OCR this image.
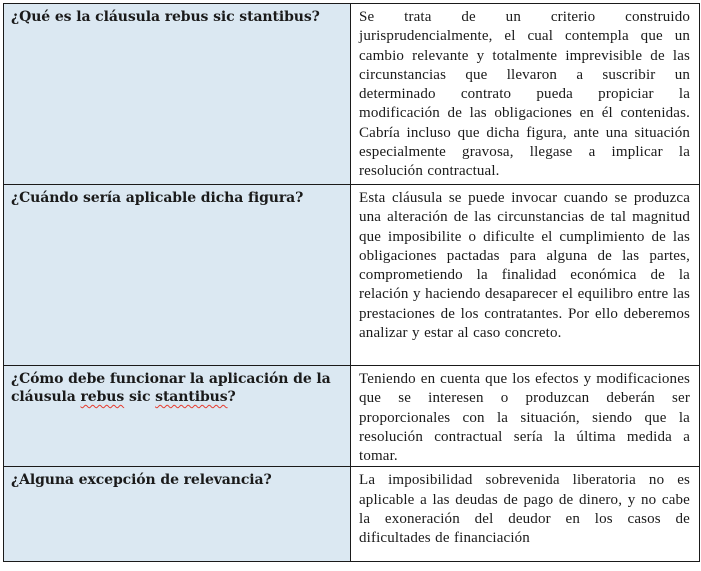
¿Qué es la cláusula rebus sic stantibus?	Se trata de un criterio construido jurisprudencialmente, el cual contempla que un cambio relevante y totalmente imprevisible de las circunstancias que llevaron a suscribir un determinado contrato pueda propiciar la modificación de las obligaciones en él contenidas. Cabría incluso que dicha figura, ante una situación especialmente gravosa, llegase a implicar la resolución contractual.

¿Cuándo sería aplicable dicha figura?	Esta cláusula se puede invocar cuando se produzca una alteración de las circunstancias de tal magnitud que imposibilite o dificulte el cumplimiento de las obligaciones pactadas para alguna de las partes, comprometiendo la finalidad económica de la relación y haciendo desaparecer el equilibro entre las prestaciones de los contratantes. Por ello deberemos analizar y estar al caso concreto.

¿Cómo debe funcionar la aplicación de la cláusula rebus sic stantibus?	Teniendo en cuenta que los efectos y modificaciones que se interesen o produzcan deberán ser proporcionales con la situación, siendo que la resolución contractual sería la última medida a tomar.

¿Alguna excepción de relevancia?	La imposibilidad sobrevenida liberatoria no es aplicable a las deudas de pago de dinero, y no cabe la exoneración del deudor en los casos de dificultades de financiación
